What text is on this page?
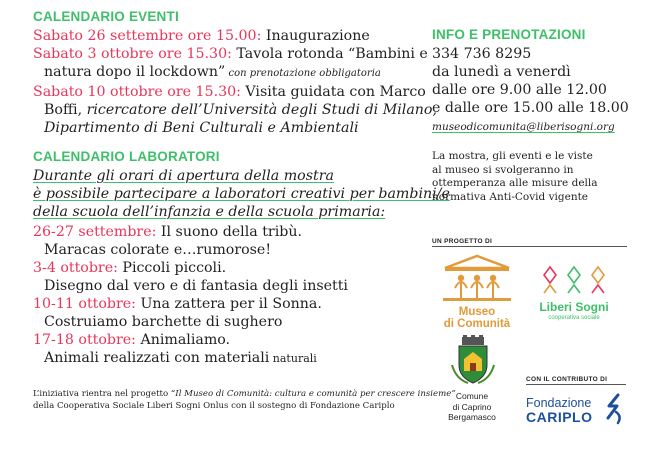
CALENDARIO EVENTI
Sabato 26 settembre ore 15.00: Inaugurazione
Sabato 3 ottobre ore 15.30: Tavola rotonda “Bambini e
natura dopo il lockdown” con prenotazione obbligatoria
Sabato 10 ottobre ore 15.30: Visita guidata con Marco
Boffi, ricercatore dell’Università degli Studi di Milano,
Dipartimento di Beni Culturali e Ambientali
CALENDARIO LABORATORI
Durante gli orari di apertura della mostra
è possibile partecipare a laboratori creativi per bambini/e
della scuola dell’infanzia e della scuola primaria:
26-27 settembre: Il suono della tribù.
Maracas colorate e…rumorose!
3-4 ottobre: Piccoli piccoli.
Disegno dal vero e di fantasia degli insetti
10-11 ottobre: Una zattera per il Sonna.
Costruiamo barchette di sughero
17-18 ottobre: Animaliamo.
Animali realizzati con materiali naturali
L’iniziativa rientra nel progetto “Il Museo di Comunità: cultura e comunità per crescere insieme”
della Cooperativa Sociale Liberi Sogni Onlus con il sostegno di Fondazione Cariplo
INFO E PRENOTAZIONI
334 736 8295
da lunedì a venerdì
dalle ore 9.00 alle 12.00
e dalle ore 15.00 alle 18.00
museodicomunita@liberisogni.org
La mostra, gli eventi e le viste
al museo si svolgeranno in
ottemperanza alle misure della
normativa Anti-Covid vigente
UN PROGETTO DI
Museo
di Comunità
Liberi Sogni
cooperativa sociale
Comune
di Caprino
Bergamasco
CON IL CONTRIBUTO DI
Fondazione
CARIPLO
